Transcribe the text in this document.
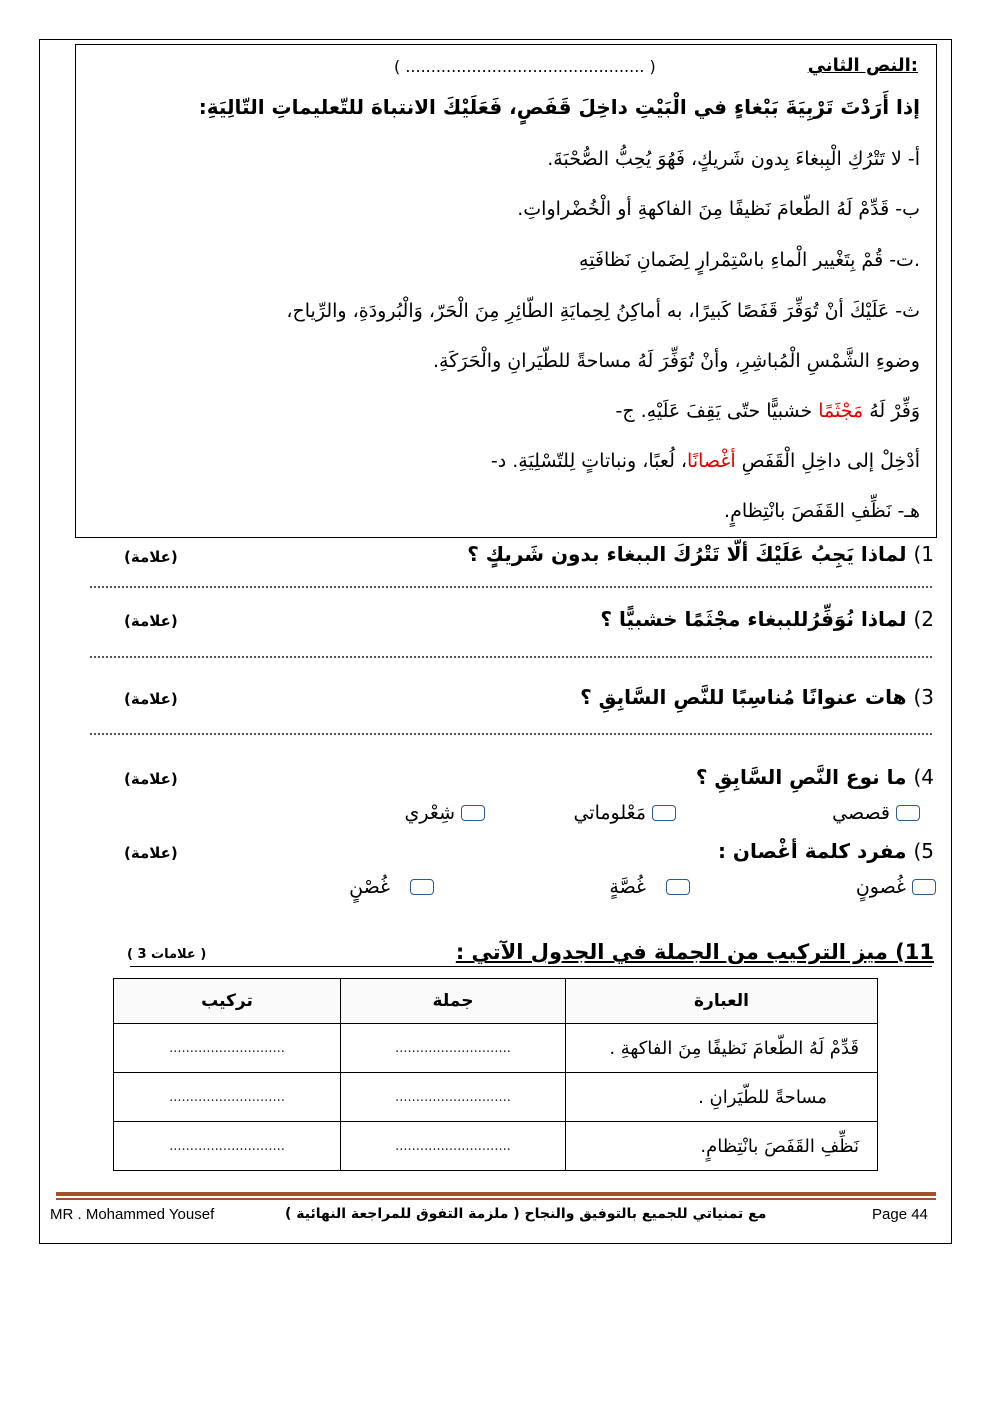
النص الثاني:
( ............................................... )
إذا أَرَدْتَ تَرْبِيَةَ بَبْغاءٍ في الْبَيْتِ داخِلَ قَفَصٍ، فَعَلَيْكَ الانتباهَ للتّعليماتِ التّالِيَةِ:
أ- لا تَتْرُكِ الْبِبغاءَ بِدون شَريكٍ، فَهُوَ يُحِبُّ الصُّحْبَةَ.
ب- قَدِّمْ لَهُ الطّعامَ نَظيفًا مِنَ الفاكهةِ أو الْخُضْراواتِ.
.ت- قُمْ بِتَغْيير الْماءِ باسْتِمْرارٍ لِضَمانِ نَظافَتِهِ
ث- عَلَيْكَ أنْ تُوَفِّرَ قَفَصًا كَبيرًا، به أماكِنُ لِحِمايَةِ الطّائِرِ مِنَ الْحَرّ، وَالْبُرودَةِ، والرِّياح،
وضوءِ الشَّمْسِ الْمُباشِرِ، وأنْ تُوَفِّرَ لَهُ مساحةً للطّيَرانِ والْحَرَكَةِ.
وَفِّرْ لَهُ مَجْثَمًا خشبيًّا حتّى يَقِفَ عَلَيْهِ. ج-
أدْخِلْ إلى داخِلِ الْقَفَصِ أغْصانًا، لُعبًا، ونباتاتٍ لِلتّسْلِيَةِ. د-
هـ- نَظِّفِ القَفَصَ بانْتِظامٍ.
1) لماذا يَجِبُ عَلَيْكَ ألّا تَتْرُكَ الببغاء بدون شَريكٍ ؟
(علامة)
2) لماذا نُوَفِّرُللببغاء مجْثَمًا خشبيًّا ؟
(علامة)
3) هات عنوانًا مُناسِبًا للنَّصِ السَّابِقِ ؟
(علامة)
4) ما نوع النَّصِ السَّابِقِ ؟
(علامة)
قصصي
مَعْلوماتي
شِعْري
5) مفرد كلمة أغْصان :
(علامة)
غُصونٍ
غُصَّةٍ
غُصْنٍ
11) ميز التركيب من الجملة في الجدول الآتي :
( 3 علامات )
تركيب	جملة	العبارة
............................	............................	قَدِّمْ لَهُ الطّعامَ نَظيفًا مِنَ الفاكهةِ .
............................	............................	مساحةً للطّيَرانِ .
............................	............................	نَظِّفِ القَفَصَ بانْتِظامٍ.
MR . Mohammed Yousef	مع تمنياتي للجميع بالتوفيق والنجاح ( ملزمة التفوق للمراجعة النهائية )	Page 44
